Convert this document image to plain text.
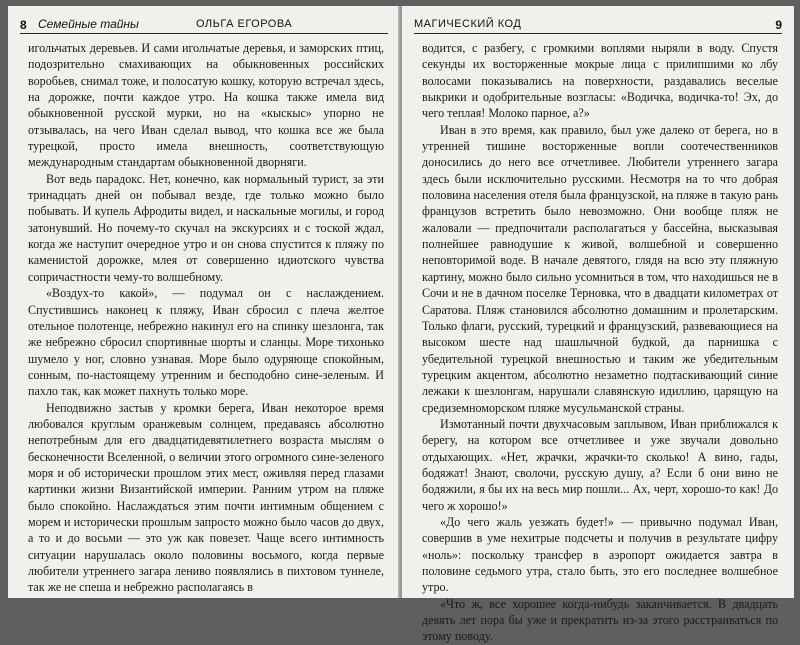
8 Семейные тайны	ОЛЬГА ЕГОРОВА

игольчатых деревьев. И сами игольчатые деревья, и заморских птиц, подозрительно смахивающих на обыкновенных российских воробьев, снимал тоже, и полосатую кошку, которую встречал здесь, на дорожке, почти каждое утро. На кошка также имела вид обыкновенной русской мурки, но на «кыскыс» упорно не отзывалась, на чего Иван сделал вывод, что кошка все же была турецкой, просто имела внешность, соответствующую международным стандартам обыкновенной дворняги.

Вот ведь парадокс. Нет, конечно, как нормальный турист, за эти тринадцать дней он побывал везде, где только можно было побывать. И купель Афродиты видел, и наскальные могилы, и город затонувший. Но почему-то скучал на экскурсиях и с тоской ждал, когда же наступит очередное утро и он снова спустится к пляжу по каменистой дорожке, млея от совершенно идиотского чувства сопричастности чему-то волшебному.

«Воздух-то какой», — подумал он с наслаждением. Спустившись наконец к пляжу, Иван сбросил с плеча желтое отельное полотенце, небрежно накинул его на спинку шезлонга, так же небрежно сбросил спортивные шорты и сланцы. Море тихонько шумело у ног, словно узнавая. Море было одуряюще спокойным, сонным, по-настоящему утренним и бесподобно сине-зеленым. И пахло так, как может пахнуть только море.

Неподвижно застыв у кромки берега, Иван некоторое время любовался круглым оранжевым солнцем, предаваясь абсолютно непотребным для его двадцатидевятилетнего возраста мыслям о бесконечности Вселенной, о величии этого огромного сине-зеленого моря и об исторически прошлом этих мест, оживляя перед глазами картинки жизни Византийской империи. Ранним утром на пляже было спокойно. Наслаждаться этим почти интимным общением с морем и исторически прошлым запросто можно было часов до двух, а то и до восьми — это уж как повезет. Чаще всего интимность ситуации нарушалась около половины восьмого, когда первые любители утреннего загара лениво появлялись в пихтовом туннеле, так же не спеша и небрежно располагаясь в

МАГИЧЕСКИЙ КОД	9

водится, с разбегу, с громкими воплями ныряли в воду. Спустя секунды их восторженные мокрые лица с прилипшими ко лбу волосами показывались на поверхности, раздавались веселые выкрики и одобрительные возгласы: «Водичка, водичка-то! Эх, до чего теплая! Молоко парное, а?»

Иван в это время, как правило, был уже далеко от берега, но в утренней тишине восторженные вопли соотечественников доносились до него все отчетливее. Любители утреннего загара здесь были исключительно русскими. Несмотря на то что добрая половина населения отеля была французской, на пляже в такую рань французов встретить было невозможно. Они вообще пляж не жаловали — предпочитали располагаться у бассейна, высказывая полнейшее равнодушие к живой, волшебной и совершенно неповторимой воде. В начале девятого, глядя на всю эту пляжную картину, можно было сильно усомниться в том, что находишься не в Сочи и не в дачном поселке Терновка, что в двадцати километрах от Саратова. Пляж становился абсолютно домашним и пролетарским. Только флаги, русский, турецкий и французский, развевающиеся на высоком шесте над шашлычной будкой, да парнишка с убедительной турецкой внешностью и таким же убедительным турецким акцентом, абсолютно незаметно подтаскивающий синие лежаки к шезлонгам, нарушали славянскую идиллию, царящую на средиземноморском пляже мусульманской страны.

Измотанный почти двухчасовым заплывом, Иван приближался к берегу, на котором все отчетливее и уже звучали довольно отдыхающих. «Нет, жрачки, жрачки-то сколько! А вино, гады, бодяжат! Знают, сволочи, русскую душу, а? Если б они вино не бодяжили, я бы их на весь мир пошли... Ах, черт, хорошо-то как! До чего ж хорошо!»

«До чего жаль уезжать будет!» — привычно подумал Иван, совершив в уме нехитрые подсчеты и получив в результате цифру «ноль»: поскольку трансфер в аэропорт ожидается завтра в половине седьмого утра, стало быть, это его последнее волшебное утро.

«Что ж, все хорошее когда-нибудь заканчивается. В двадцать девять лет пора бы уже и прекратить из-за этого расстраиваться по этому поводу.
